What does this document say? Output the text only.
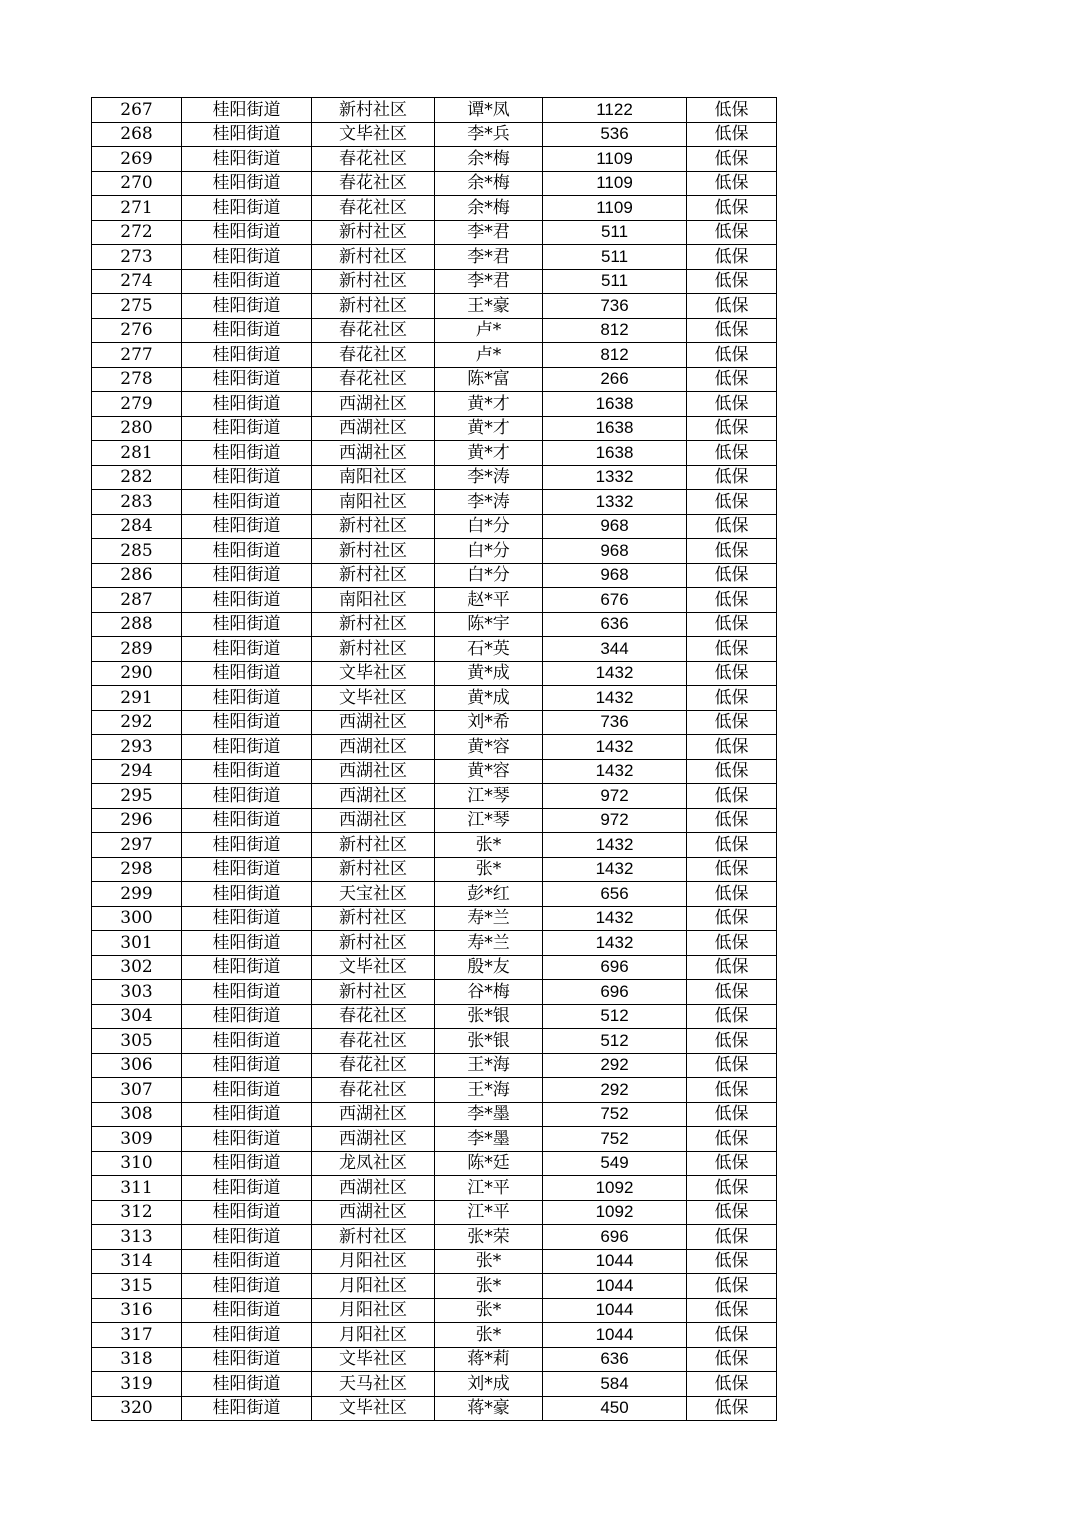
267	桂阳街道	新村社区	谭*凤	1122	低保
268	桂阳街道	文毕社区	李*兵	536	低保
269	桂阳街道	春花社区	余*梅	1109	低保
270	桂阳街道	春花社区	余*梅	1109	低保
271	桂阳街道	春花社区	余*梅	1109	低保
272	桂阳街道	新村社区	李*君	511	低保
273	桂阳街道	新村社区	李*君	511	低保
274	桂阳街道	新村社区	李*君	511	低保
275	桂阳街道	新村社区	王*豪	736	低保
276	桂阳街道	春花社区	卢*	812	低保
277	桂阳街道	春花社区	卢*	812	低保
278	桂阳街道	春花社区	陈*富	266	低保
279	桂阳街道	西湖社区	黄*才	1638	低保
280	桂阳街道	西湖社区	黄*才	1638	低保
281	桂阳街道	西湖社区	黄*才	1638	低保
282	桂阳街道	南阳社区	李*涛	1332	低保
283	桂阳街道	南阳社区	李*涛	1332	低保
284	桂阳街道	新村社区	白*分	968	低保
285	桂阳街道	新村社区	白*分	968	低保
286	桂阳街道	新村社区	白*分	968	低保
287	桂阳街道	南阳社区	赵*平	676	低保
288	桂阳街道	新村社区	陈*宇	636	低保
289	桂阳街道	新村社区	石*英	344	低保
290	桂阳街道	文毕社区	黄*成	1432	低保
291	桂阳街道	文毕社区	黄*成	1432	低保
292	桂阳街道	西湖社区	刘*希	736	低保
293	桂阳街道	西湖社区	黄*容	1432	低保
294	桂阳街道	西湖社区	黄*容	1432	低保
295	桂阳街道	西湖社区	江*琴	972	低保
296	桂阳街道	西湖社区	江*琴	972	低保
297	桂阳街道	新村社区	张*	1432	低保
298	桂阳街道	新村社区	张*	1432	低保
299	桂阳街道	天宝社区	彭*红	656	低保
300	桂阳街道	新村社区	寿*兰	1432	低保
301	桂阳街道	新村社区	寿*兰	1432	低保
302	桂阳街道	文毕社区	殷*友	696	低保
303	桂阳街道	新村社区	谷*梅	696	低保
304	桂阳街道	春花社区	张*银	512	低保
305	桂阳街道	春花社区	张*银	512	低保
306	桂阳街道	春花社区	王*海	292	低保
307	桂阳街道	春花社区	王*海	292	低保
308	桂阳街道	西湖社区	李*墨	752	低保
309	桂阳街道	西湖社区	李*墨	752	低保
310	桂阳街道	龙凤社区	陈*廷	549	低保
311	桂阳街道	西湖社区	江*平	1092	低保
312	桂阳街道	西湖社区	江*平	1092	低保
313	桂阳街道	新村社区	张*荣	696	低保
314	桂阳街道	月阳社区	张*	1044	低保
315	桂阳街道	月阳社区	张*	1044	低保
316	桂阳街道	月阳社区	张*	1044	低保
317	桂阳街道	月阳社区	张*	1044	低保
318	桂阳街道	文毕社区	蒋*莉	636	低保
319	桂阳街道	天马社区	刘*成	584	低保
320	桂阳街道	文毕社区	蒋*豪	450	低保
